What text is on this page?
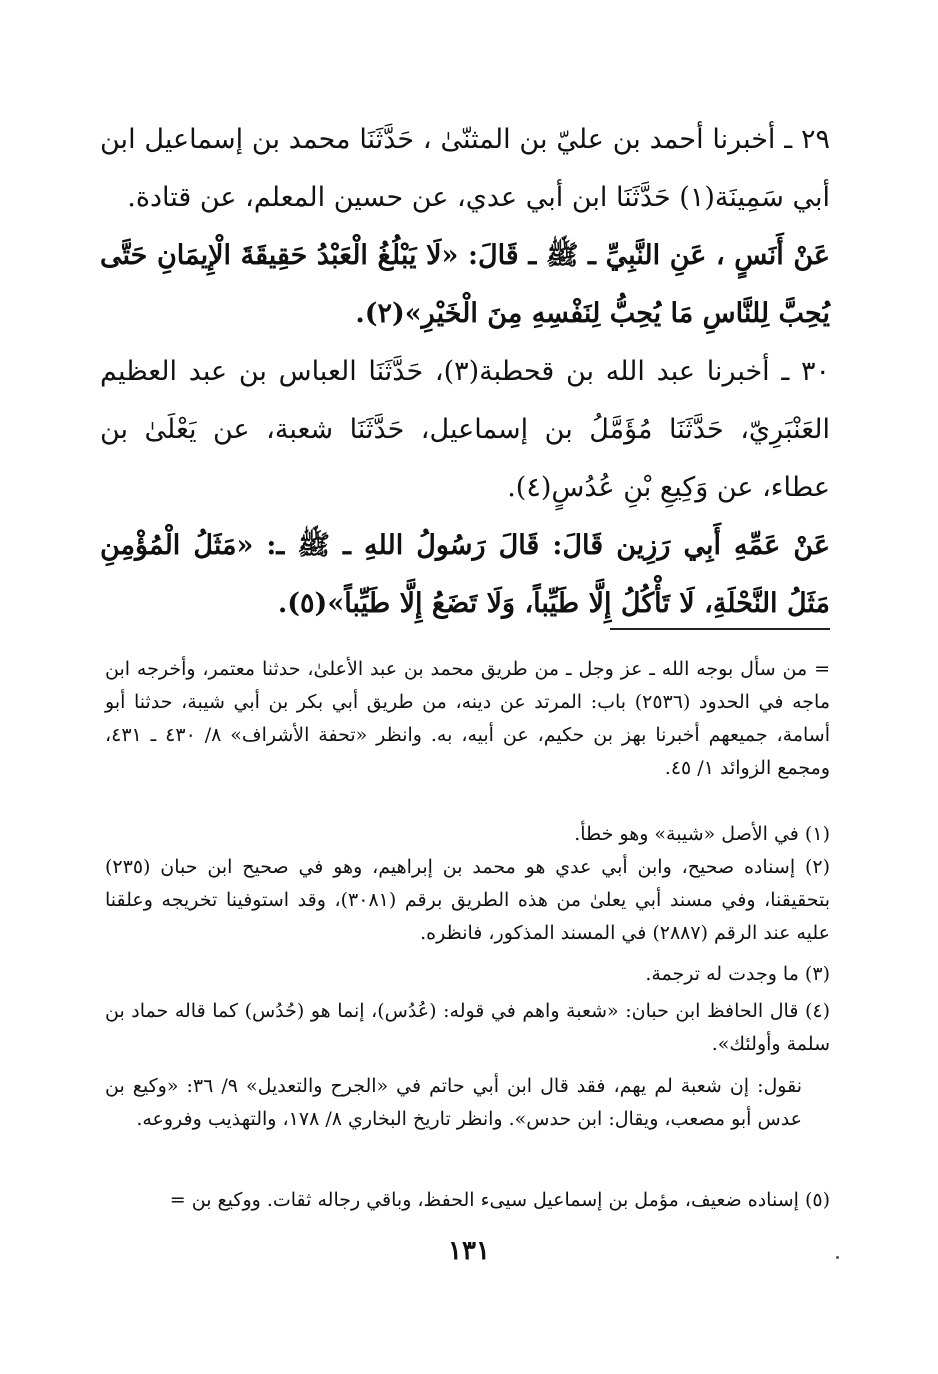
٢٩ ـ أخبرنا أحمد بن عليّ بن المثنّىٰ ، حَدَّثَنَا محمد بن إسماعيل ابن أبي سَمِينَة(١) حَدَّثَنَا ابن أبي عدي، عن حسين المعلم، عن قتادة.
عَنْ أَنَسٍ ، عَنِ النَّبِيِّ ـ ﷺ ـ قَالَ: «لَا يَبْلُغُ الْعَبْدُ حَقِيقَةَ الْإِيمَانِ حَتَّى يُحِبَّ لِلنَّاسِ مَا يُحِبُّ لِنَفْسِهِ مِنَ الْخَيْرِ»(٢).
٣٠ ـ أخبرنا عبد الله بن قحطبة(٣)، حَدَّثَنَا العباس بن عبد العظيم العَنْبَرِيّ، حَدَّثَنَا مُؤَمَّلُ بن إسماعيل، حَدَّثَنَا شعبة، عن يَعْلَىٰ بن عطاء، عن وَكِيعِ بْنِ عُدُسٍ(٤).
عَنْ عَمِّهِ أَبِي رَزِين قَالَ: قَالَ رَسُولُ اللهِ ـ ﷺ ـ: «مَثَلُ الْمُؤْمِنِ مَثَلُ النَّحْلَةِ، لَا تَأْكُلُ إِلَّا طَيِّباً، وَلَا تَضَعُ إِلَّا طَيِّباً»(٥).
= من سأل بوجه الله ـ عز وجل ـ من طريق محمد بن عبد الأعلىٰ، حدثنا معتمر، وأخرجه ابن ماجه في الحدود (٢٥٣٦) باب: المرتد عن دينه، من طريق أبي بكر بن أبي شيبة، حدثنا أبو أسامة، جميعهم أخبرنا بهز بن حكيم، عن أبيه، به. وانظر «تحفة الأشراف» ٨/ ٤٣٠ ـ ٤٣١، ومجمع الزوائد ١/ ٤٥.
(١) في الأصل «شيبة» وهو خطأ.
(٢) إسناده صحيح، وابن أبي عدي هو محمد بن إبراهيم، وهو في صحيح ابن حبان (٢٣٥) بتحقيقنا، وفي مسند أبي يعلىٰ من هذه الطريق برقم (٣٠٨١)، وقد استوفينا تخريجه وعلقنا عليه عند الرقم (٢٨٨٧) في المسند المذكور، فانظره.
(٣) ما وجدت له ترجمة.
(٤) قال الحافظ ابن حبان: «شعبة واهم في قوله: (عُدُس)، إنما هو (حُدُس) كما قاله حماد بن سلمة وأولئك».
نقول: إن شعبة لم يهم، فقد قال ابن أبي حاتم في «الجرح والتعديل» ٩/ ٣٦: «وكيع بن عدس أبو مصعب، ويقال: ابن حدس». وانظر تاريخ البخاري ٨/ ١٧٨، والتهذيب وفروعه.
(٥) إسناده ضعيف، مؤمل بن إسماعيل سيىء الحفظ، وباقي رجاله ثقات. ووكيع بن =
١٣١
